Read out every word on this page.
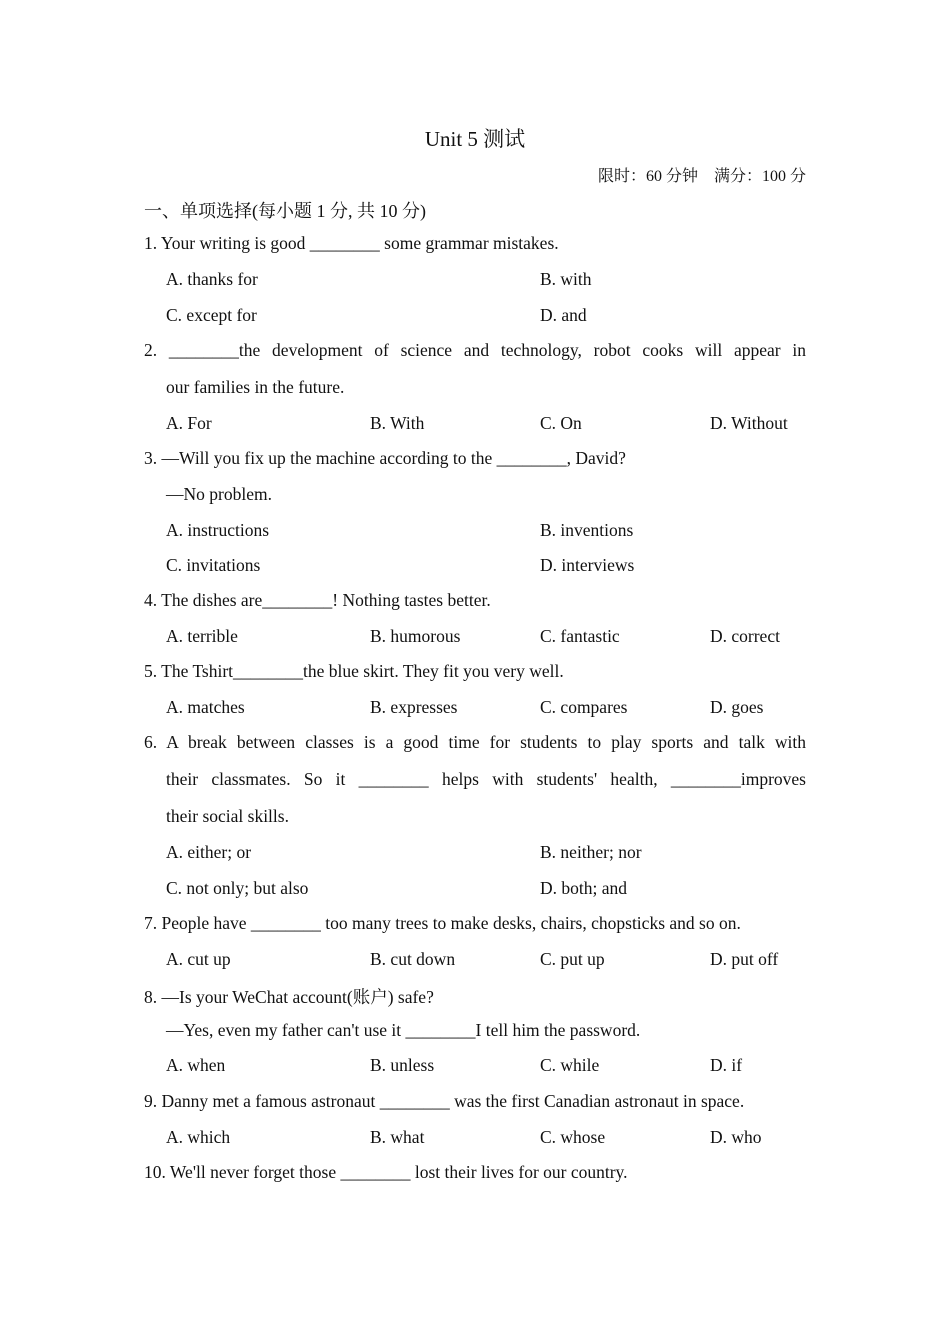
Unit 5 测试
限时：60 分钟 满分：100 分
一、单项选择(每小题 1 分, 共 10 分)
1. Your writing is good ________ some grammar mistakes.
A. thanks for	B. with
C. except for	D. and
2. ________the development of science and technology, robot cooks will appear in
our families in the future.
A. For	B. With	C. On	D. Without
3. —Will you fix up the machine according to the ________, David?
—No problem.
A. instructions	B. inventions
C. invitations	D. interviews
4. The dishes are________! Nothing tastes better.
A. terrible	B. humorous	C. fantastic	D. correct
5. The Tshirt________the blue skirt. They fit you very well.
A. matches	B. expresses	C. compares	D. goes
6. A break between classes is a good time for students to play sports and talk with
their classmates. So it ________ helps with students' health, ________improves
their social skills.
A. either; or	B. neither; nor
C. not only; but also	D. both; and
7. People have ________ too many trees to make desks, chairs, chopsticks and so on.
A. cut up	B. cut down	C. put up	D. put off
8. —Is your WeChat account(账户) safe?
—Yes, even my father can't use it ________I tell him the password.
A. when	B. unless	C. while	D. if
9. Danny met a famous astronaut ________ was the first Canadian astronaut in space.
A. which	B. what	C. whose	D. who
10. We'll never forget those ________ lost their lives for our country.
